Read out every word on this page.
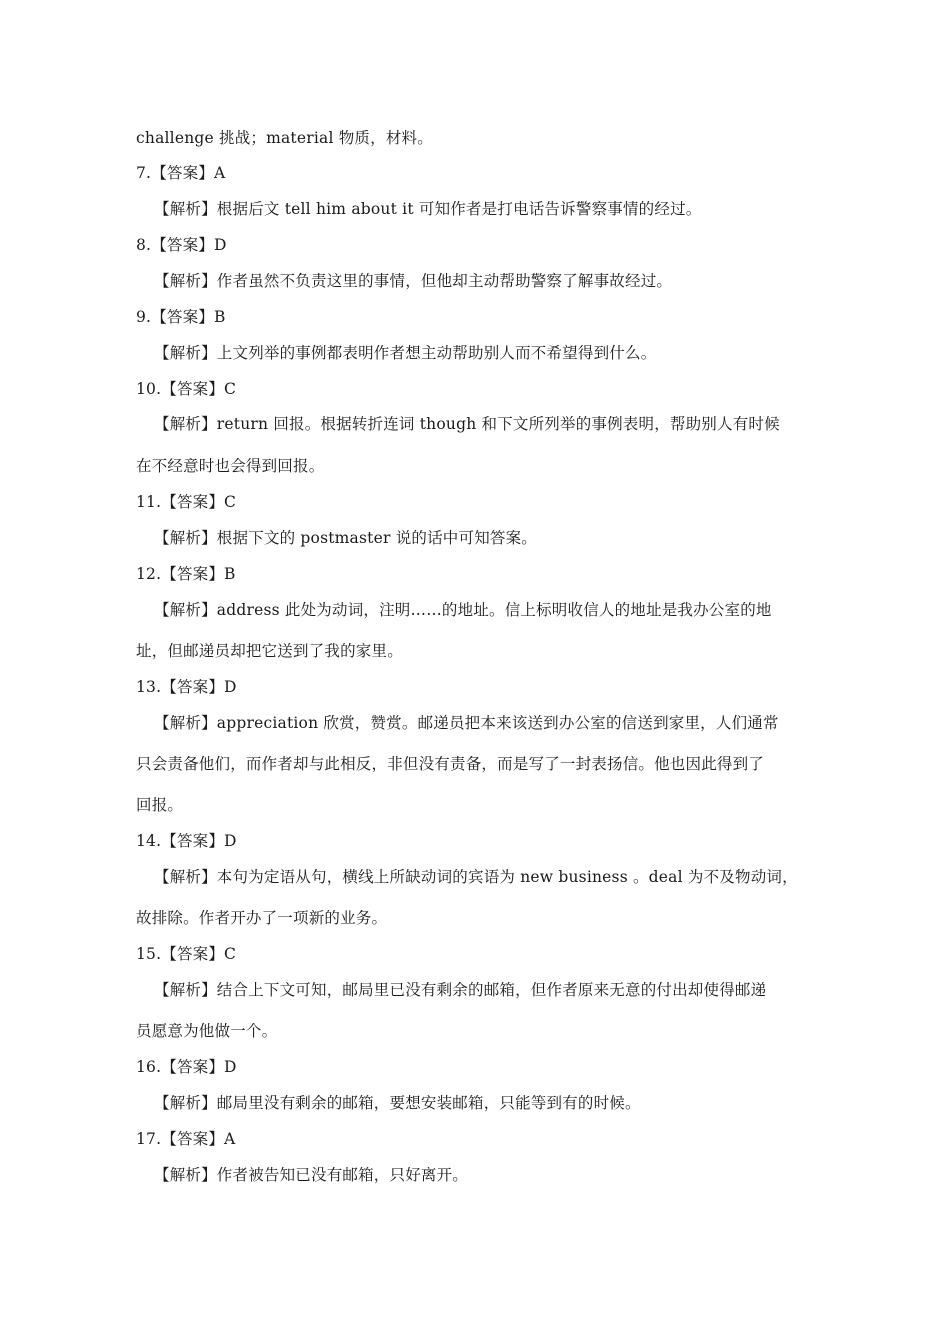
challenge 挑战；material 物质，材料。
7.【答案】A
【解析】根据后文 tell him about it 可知作者是打电话告诉警察事情的经过。
8.【答案】D
【解析】作者虽然不负责这里的事情，但他却主动帮助警察了解事故经过。
9.【答案】B
【解析】上文列举的事例都表明作者想主动帮助别人而不希望得到什么。
10.【答案】C
【解析】return 回报。根据转折连词 though 和下文所列举的事例表明，帮助别人有时候
在不经意时也会得到回报。
11.【答案】C
【解析】根据下文的 postmaster 说的话中可知答案。
12.【答案】B
【解析】address 此处为动词，注明……的地址。信上标明收信人的地址是我办公室的地
址，但邮递员却把它送到了我的家里。
13.【答案】D
【解析】appreciation 欣赏，赞赏。邮递员把本来该送到办公室的信送到家里，人们通常
只会责备他们，而作者却与此相反，非但没有责备，而是写了一封表扬信。他也因此得到了
回报。
14.【答案】D
【解析】本句为定语从句，横线上所缺动词的宾语为 new business 。deal 为不及物动词，
故排除。作者开办了一项新的业务。
15.【答案】C
【解析】结合上下文可知，邮局里已没有剩余的邮箱，但作者原来无意的付出却使得邮递
员愿意为他做一个。
16.【答案】D
【解析】邮局里没有剩余的邮箱，要想安装邮箱，只能等到有的时候。
17.【答案】A
【解析】作者被告知已没有邮箱，只好离开。
